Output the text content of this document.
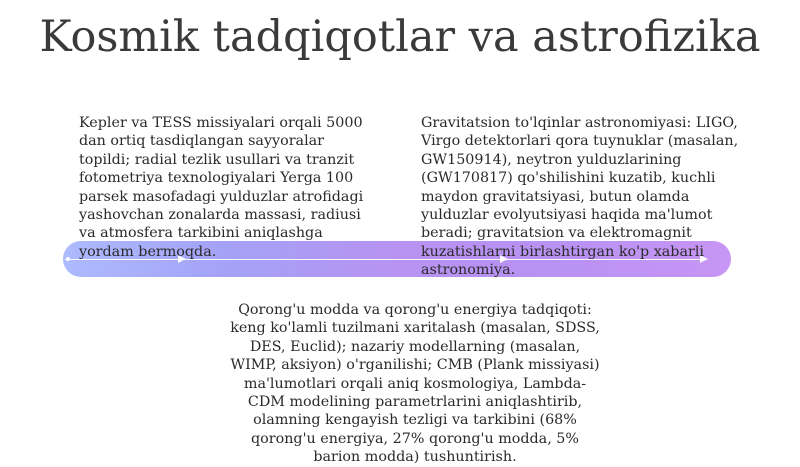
Kosmik tadqiqotlar va astrofizika

Kepler va TESS missiyalari orqali 5000 dan ortiq tasdiqlangan sayyoralar topildi; radial tezlik usullari va tranzit fotometriya texnologiyalari Yerga 100 parsek masofadagi yulduzlar atrofidagi yashovchan zonalarda massasi, radiusi va atmosfera tarkibini aniqlashga yordam bermoqda.

Gravitatsion to'lqinlar astronomiyasi: LIGO, Virgo detektorlari qora tuynuklar (masalan, GW150914), neytron yulduzlarining (GW170817) qo'shilishini kuzatib, kuchli maydon gravitatsiyasi, butun olamda yulduzlar evolyutsiyasi haqida ma'lumot beradi; gravitatsion va elektromagnit kuzatishlarni birlashtirgan ko'p xabarli astronomiya.

Qorong'u modda va qorong'u energiya tadqiqoti: keng ko'lamli tuzilmani xaritalash (masalan, SDSS, DES, Euclid); nazariy modellarning (masalan, WIMP, aksiyon) o'rganilishi; CMB (Plank missiyasi) ma'lumotlari orqali aniq kosmologiya, Lambda-CDM modelining parametrlarini aniqlashtirib, olamning kengayish tezligi va tarkibini (68% qorong'u energiya, 27% qorong'u modda, 5% barion modda) tushuntirish.
